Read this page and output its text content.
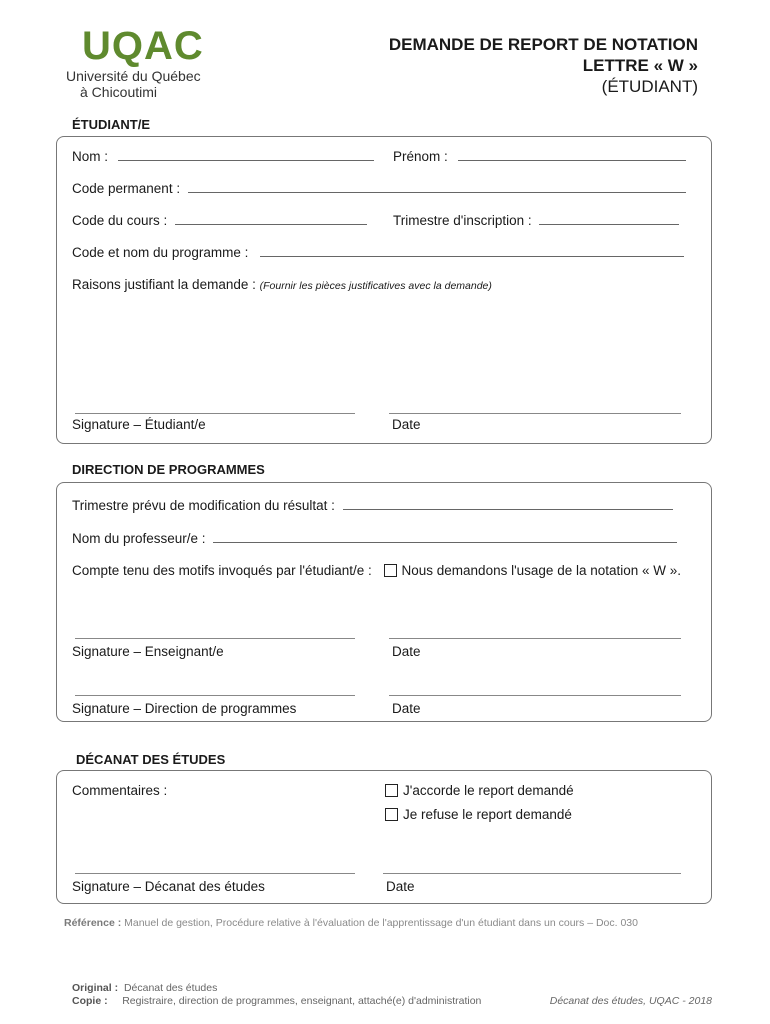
UQAC
Université du Québec
à Chicoutimi
DEMANDE DE REPORT DE NOTATION
LETTRE « W »
(ÉTUDIANT)
ÉTUDIANT/E
Nom :	Prénom :
Code permanent :
Code du cours :	Trimestre d'inscription :
Code et nom du programme :
Raisons justifiant la demande : (Fournir les pièces justificatives avec la demande)
Signature – Étudiant/e	Date
DIRECTION DE PROGRAMMES
Trimestre prévu de modification du résultat :
Nom du professeur/e :
Compte tenu des motifs invoqués par l'étudiant/e : Nous demandons l'usage de la notation « W ».
Signature – Enseignant/e	Date
Signature – Direction de programmes	Date
DÉCANAT DES ÉTUDES
Commentaires :	J'accorde le report demandé
Je refuse le report demandé
Signature – Décanat des études	Date
Référence : Manuel de gestion, Procédure relative à l'évaluation de l'apprentissage d'un étudiant dans un cours – Doc. 030
Original : Décanat des études
Copie : Registraire, direction de programmes, enseignant, attaché(e) d'administration	Décanat des études, UQAC - 2018
